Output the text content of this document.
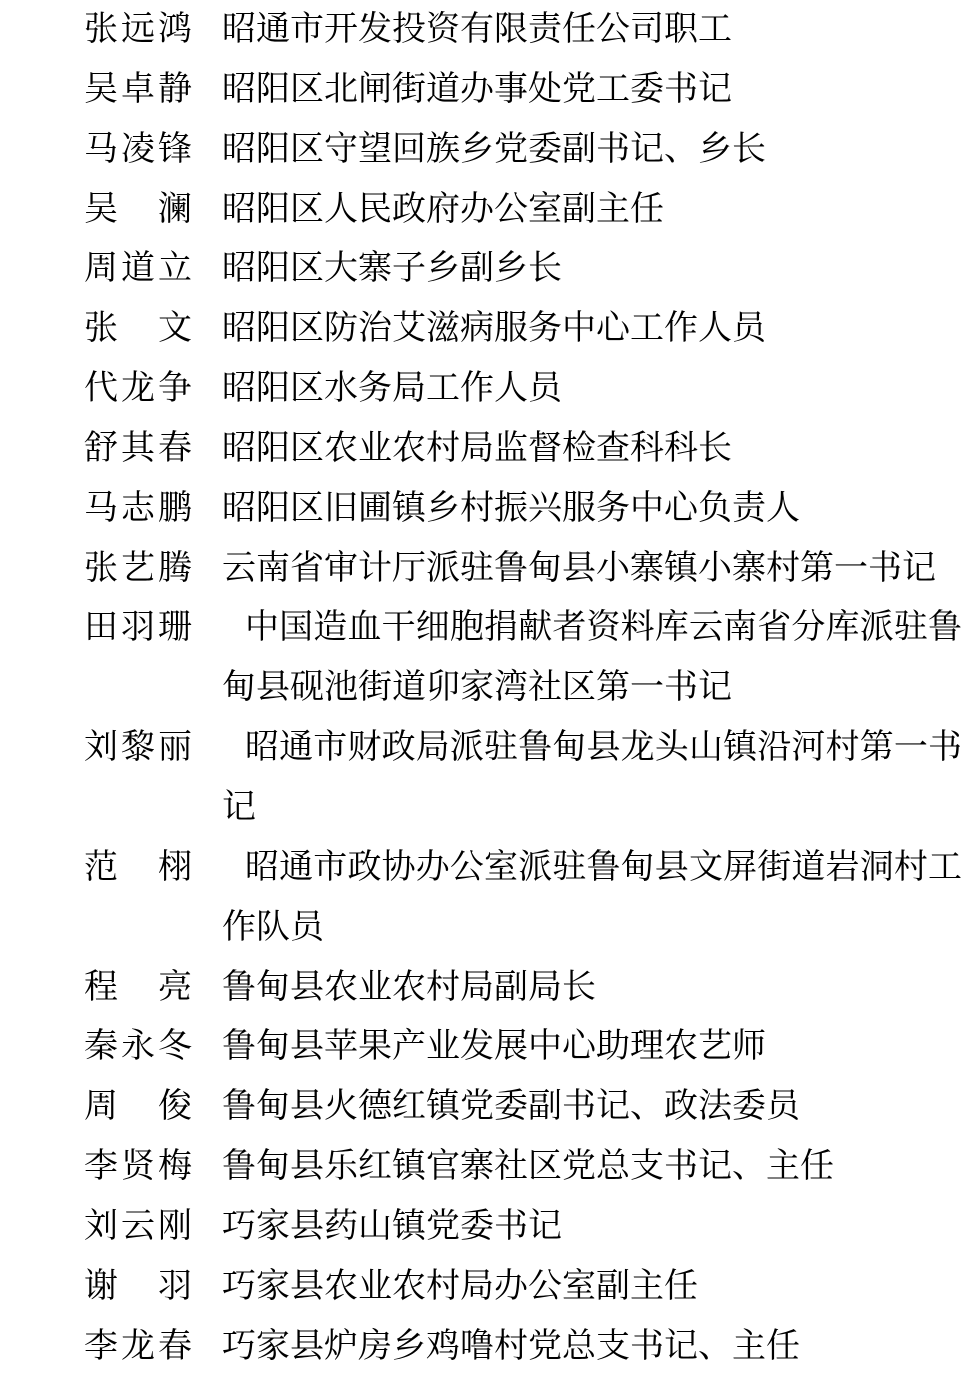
张远鸿 昭通市开发投资有限责任公司职工
吴卓静 昭阳区北闸街道办事处党工委书记
马凌锋 昭阳区守望回族乡党委副书记、乡长
吴澜 昭阳区人民政府办公室副主任
周道立 昭阳区大寨子乡副乡长
张文 昭阳区防治艾滋病服务中心工作人员
代龙争 昭阳区水务局工作人员
舒其春 昭阳区农业农村局监督检查科科长
马志鹏 昭阳区旧圃镇乡村振兴服务中心负责人
张艺腾 云南省审计厅派驻鲁甸县小寨镇小寨村第一书记
田羽珊	中国造血干细胞捐献者资料库云南省分库派驻鲁甸县砚池街道卯家湾社区第一书记
刘黎丽	昭通市财政局派驻鲁甸县龙头山镇沿河村第一书记
范栩	昭通市政协办公室派驻鲁甸县文屏街道岩洞村工作队员
程亮 鲁甸县农业农村局副局长
秦永冬 鲁甸县苹果产业发展中心助理农艺师
周俊 鲁甸县火德红镇党委副书记、政法委员
李贤梅 鲁甸县乐红镇官寨社区党总支书记、主任
刘云刚 巧家县药山镇党委书记
谢羽 巧家县农业农村局办公室副主任
李龙春 巧家县炉房乡鸡噜村党总支书记、主任
